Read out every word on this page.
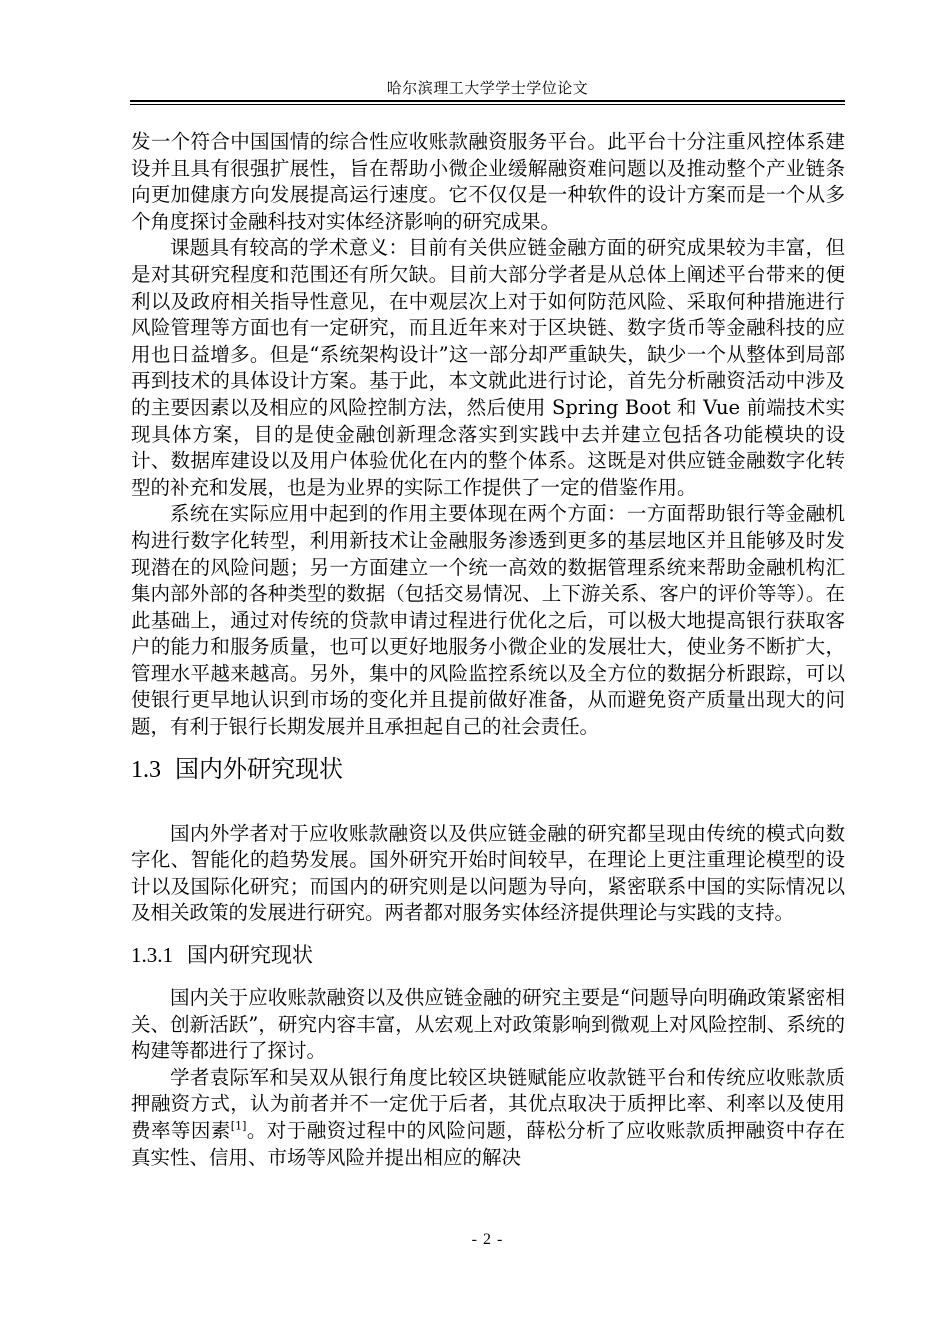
哈尔滨理工大学学士学位论文

发一个符合中国国情的综合性应收账款融资服务平台。此平台十分注重风控体系建设并且具有很强扩展性，旨在帮助小微企业缓解融资难问题以及推动整个产业链条向更加健康方向发展提高运行速度。它不仅仅是一种软件的设计方案而是一个从多个角度探讨金融科技对实体经济影响的研究成果。

课题具有较高的学术意义：目前有关供应链金融方面的研究成果较为丰富，但是对其研究程度和范围还有所欠缺。目前大部分学者是从总体上阐述平台带来的便利以及政府相关指导性意见，在中观层次上对于如何防范风险、采取何种措施进行风险管理等方面也有一定研究，而且近年来对于区块链、数字货币等金融科技的应用也日益增多。但是“系统架构设计”这一部分却严重缺失，缺少一个从整体到局部再到技术的具体设计方案。基于此，本文就此进行讨论，首先分析融资活动中涉及的主要因素以及相应的风险控制方法，然后使用 Spring Boot 和 Vue 前端技术实现具体方案，目的是使金融创新理念落实到实践中去并建立包括各功能模块的设计、数据库建设以及用户体验优化在内的整个体系。这既是对供应链金融数字化转型的补充和发展，也是为业界的实际工作提供了一定的借鉴作用。

系统在实际应用中起到的作用主要体现在两个方面：一方面帮助银行等金融机构进行数字化转型，利用新技术让金融服务渗透到更多的基层地区并且能够及时发现潜在的风险问题；另一方面建立一个统一高效的数据管理系统来帮助金融机构汇集内部外部的各种类型的数据（包括交易情况、上下游关系、客户的评价等等）。在此基础上，通过对传统的贷款申请过程进行优化之后，可以极大地提高银行获取客户的能力和服务质量，也可以更好地服务小微企业的发展壮大，使业务不断扩大，管理水平越来越高。另外，集中的风险监控系统以及全方位的数据分析跟踪，可以使银行更早地认识到市场的变化并且提前做好准备，从而避免资产质量出现大的问题，有利于银行长期发展并且承担起自己的社会责任。

1.3 国内外研究现状

国内外学者对于应收账款融资以及供应链金融的研究都呈现由传统的模式向数字化、智能化的趋势发展。国外研究开始时间较早，在理论上更注重理论模型的设计以及国际化研究；而国内的研究则是以问题为导向，紧密联系中国的实际情况以及相关政策的发展进行研究。两者都对服务实体经济提供理论与实践的支持。

1.3.1 国内研究现状

国内关于应收账款融资以及供应链金融的研究主要是“问题导向明确政策紧密相关、创新活跃”，研究内容丰富，从宏观上对政策影响到微观上对风险控制、系统的构建等都进行了探讨。

学者袁际军和吴双从银行角度比较区块链赋能应收款链平台和传统应收账款质押融资方式，认为前者并不一定优于后者，其优点取决于质押比率、利率以及使用费率等因素[1]。对于融资过程中的风险问题，薛松分析了应收账款质押融资中存在真实性、信用、市场等风险并提出相应的解决

- 2 -
